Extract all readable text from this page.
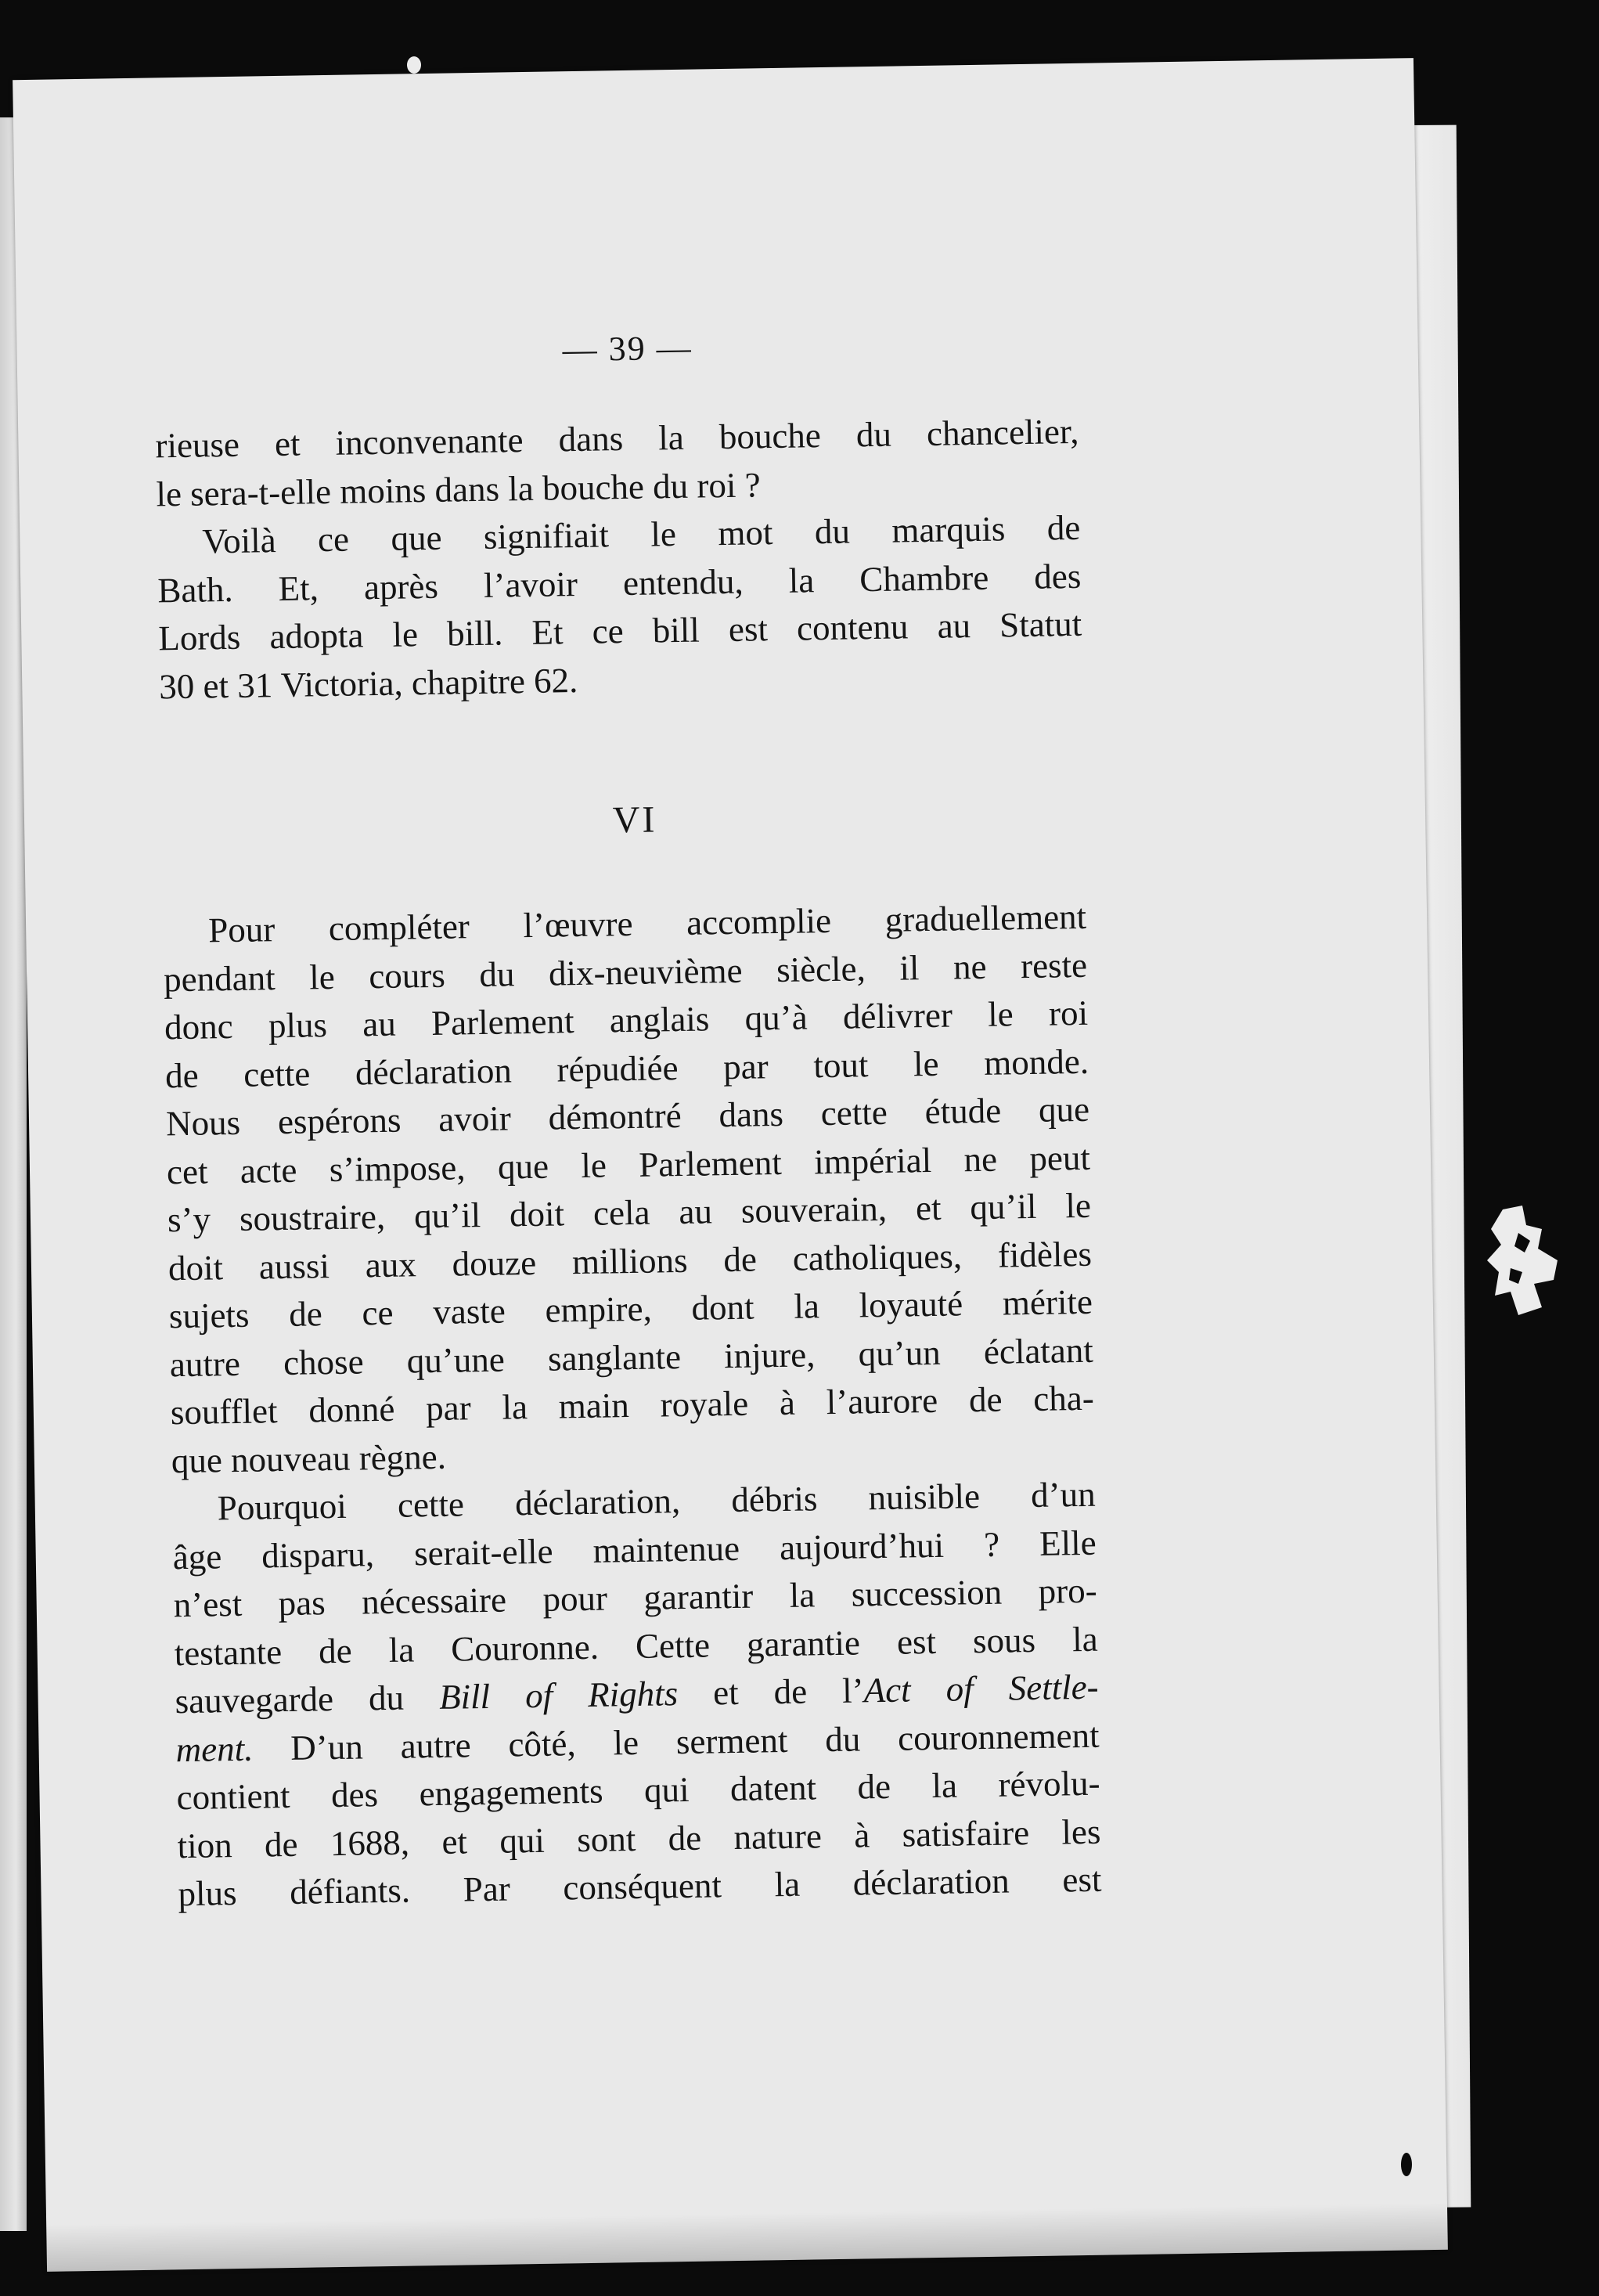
— 39 —
rieuse et inconvenante dans la bouche du chancelier,
le sera-t-elle moins dans la bouche du roi ?
Voilà ce que signifiait le mot du marquis de
Bath. Et, après l’avoir entendu, la Chambre des
Lords adopta le bill. Et ce bill est contenu au Statut
30 et 31 Victoria, chapitre 62.
VI
Pour compléter l’œuvre accomplie graduellement
pendant le cours du dix-neuvième siècle, il ne reste
donc plus au Parlement anglais qu’à délivrer le roi
de cette déclaration répudiée par tout le monde.
Nous espérons avoir démontré dans cette étude que
cet acte s’impose, que le Parlement impérial ne peut
s’y soustraire, qu’il doit cela au souverain, et qu’il le
doit aussi aux douze millions de catholiques, fidèles
sujets de ce vaste empire, dont la loyauté mérite
autre chose qu’une sanglante injure, qu’un éclatant
soufflet donné par la main royale à l’aurore de cha-
que nouveau règne.
Pourquoi cette déclaration, débris nuisible d’un
âge disparu, serait-elle maintenue aujourd’hui ? Elle
n’est pas nécessaire pour garantir la succession pro-
testante de la Couronne. Cette garantie est sous la
sauvegarde du Bill of Rights et de l’Act of Settle-
ment. D’un autre côté, le serment du couronnement
contient des engagements qui datent de la révolu-
tion de 1688, et qui sont de nature à satisfaire les
plus défiants. Par conséquent la déclaration est
